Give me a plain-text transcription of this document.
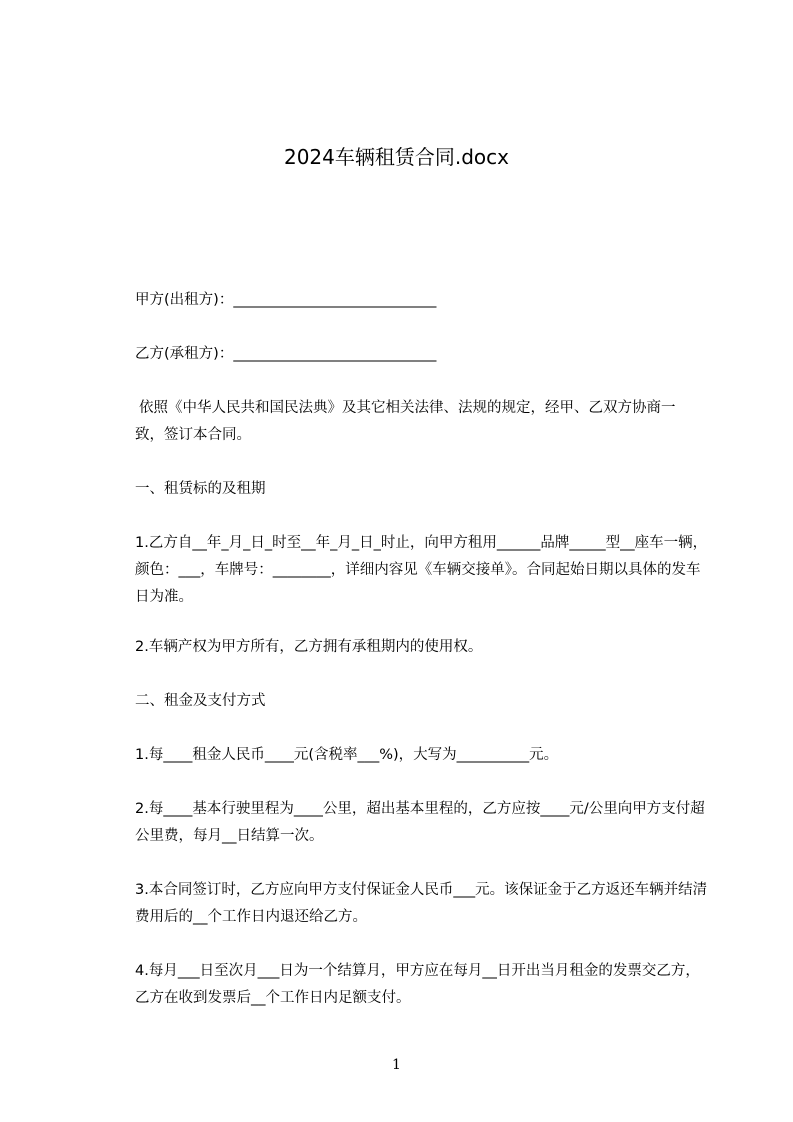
2024车辆租赁合同.docx
甲方(出租方)：____________________________
乙方(承租方)：____________________________
依照《中华人民共和国民法典》及其它相关法律、法规的规定，经甲、乙双方协商一致，签订本合同。
一、租赁标的及租期
1.乙方自__年_月_日_时至__年_月_日_时止，向甲方租用______品牌_____型__座车一辆，颜色：___，车牌号：________，详细内容见《车辆交接单》。合同起始日期以具体的发车日为准。
2.车辆产权为甲方所有，乙方拥有承租期内的使用权。
二、租金及支付方式
1.每____租金人民币____元(含税率___%)，大写为__________元。
2.每____基本行驶里程为____公里，超出基本里程的，乙方应按____元/公里向甲方支付超公里费，每月__日结算一次。
3.本合同签订时，乙方应向甲方支付保证金人民币___元。该保证金于乙方返还车辆并结清费用后的__个工作日内退还给乙方。
4.每月___日至次月___日为一个结算月，甲方应在每月__日开出当月租金的发票交乙方，乙方在收到发票后__个工作日内足额支付。
1
